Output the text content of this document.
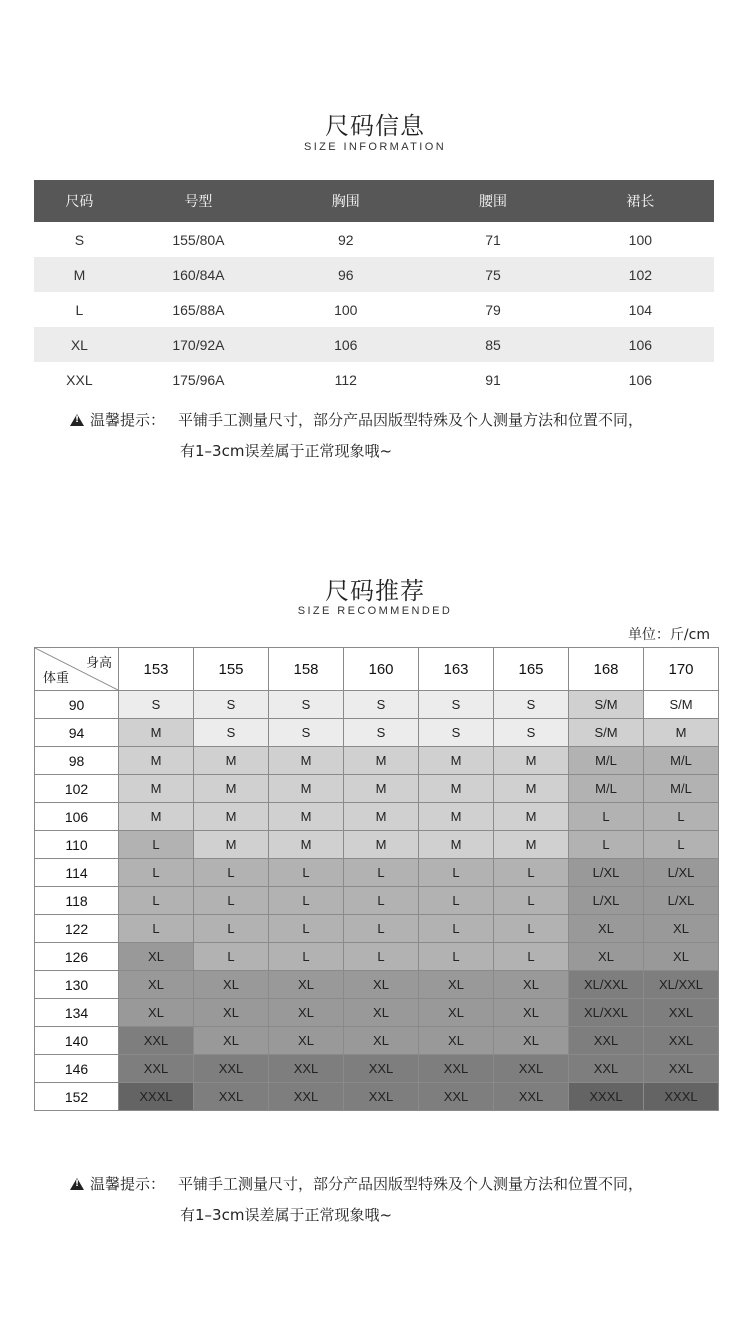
尺码信息
SIZE INFORMATION
尺码	号型	胸围	腰围	裙长
S	155/80A	92	71	100
M	160/84A	96	75	102
L	165/88A	100	79	104
XL	170/92A	106	85	106
XXL	175/96A	112	91	106
!温馨提示： 平铺手工测量尺寸，部分产品因版型特殊及个人测量方法和位置不同，
有1–3cm误差属于正常现象哦~
尺码推荐
SIZE RECOMMENDED
单位：斤/cm
身高
体重	153	155	158	160	163	165	168	170
90	S	S	S	S	S	S	S/M	S/M
94	M	S	S	S	S	S	S/M	M
98	M	M	M	M	M	M	M/L	M/L
102	M	M	M	M	M	M	M/L	M/L
106	M	M	M	M	M	M	L	L
110	L	M	M	M	M	M	L	L
114	L	L	L	L	L	L	L/XL	L/XL
118	L	L	L	L	L	L	L/XL	L/XL
122	L	L	L	L	L	L	XL	XL
126	XL	L	L	L	L	L	XL	XL
130	XL	XL	XL	XL	XL	XL	XL/XXL	XL/XXL
134	XL	XL	XL	XL	XL	XL	XL/XXL	XXL
140	XXL	XL	XL	XL	XL	XL	XXL	XXL
146	XXL	XXL	XXL	XXL	XXL	XXL	XXL	XXL
152	XXXL	XXL	XXL	XXL	XXL	XXL	XXXL	XXXL
!温馨提示： 平铺手工测量尺寸，部分产品因版型特殊及个人测量方法和位置不同，
有1–3cm误差属于正常现象哦~
